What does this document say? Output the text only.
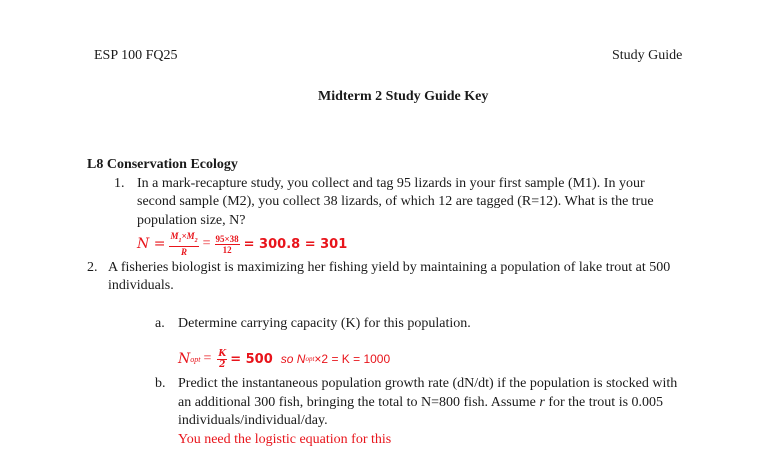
ESP 100 FQ25	Study Guide
Midterm 2 Study Guide Key
L8 Conservation Ecology
1. In a mark-recapture study, you collect and tag 95 lizards in your first sample (M1). In your
second sample (M2), you collect 38 lizards, of which 12 are tagged (R=12). What is the true
population size, N?
$N = \frac{M_1\times M_2}{R} = \frac{95\times 38}{12} = 300.8 = 301$
2. A fisheries biologist is maximizing her fishing yield by maintaining a population of lake trout at 500
individuals.
a. Determine carrying capacity (K) for this population.
N opt = $\frac{K}{2} = 500$ so N opt ×2 = K = 1000
b. Predict the instantaneous population growth rate (dN/dt) if the population is stocked with
an additional 300 fish, bringing the total to N=800 fish. Assume r for the trout is 0.005
individuals/individual/day.
You need the logistic equation for this
